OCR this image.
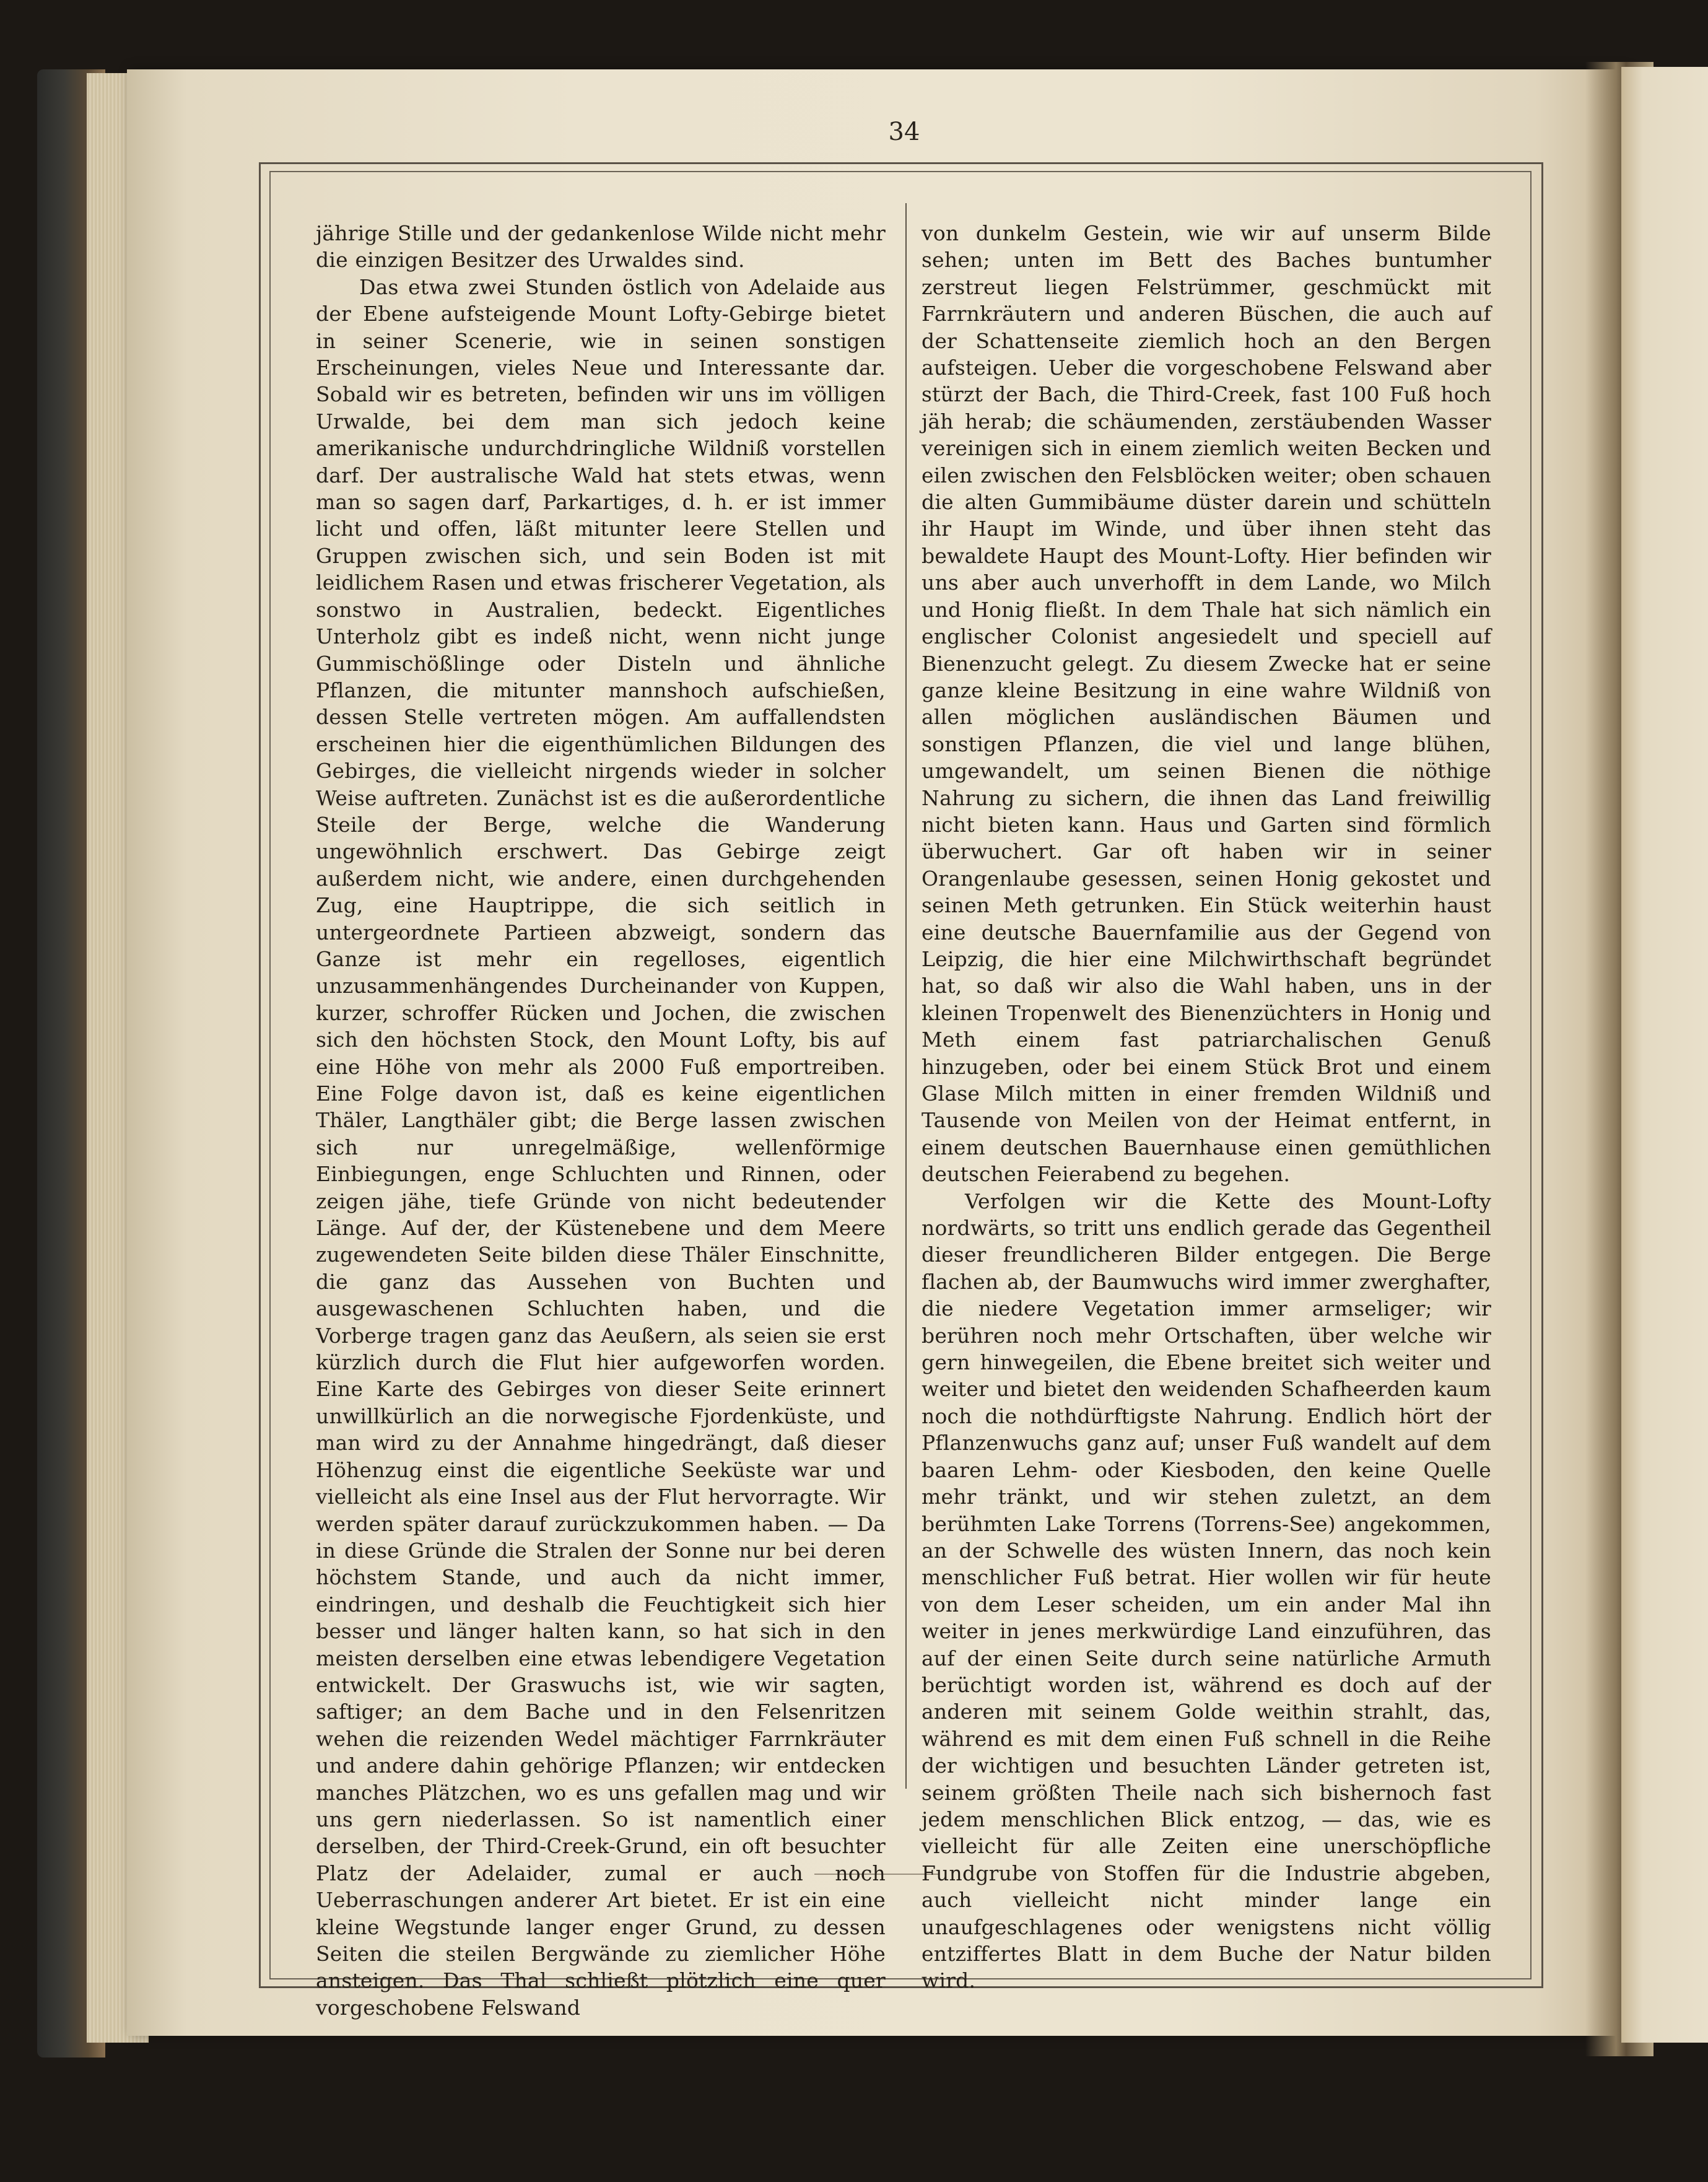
34

jährige Stille und der gedankenlose Wilde nicht mehr die einzigen Besitzer des Urwaldes sind.

Das etwa zwei Stunden östlich von Adelaide aus der Ebene aufsteigende Mount Lofty-Gebirge bietet in seiner Scenerie, wie in seinen sonstigen Erscheinungen, vieles Neue und Interessante dar. Sobald wir es betreten, befinden wir uns im völligen Urwalde, bei dem man sich jedoch keine amerikanische undurchdringliche Wildniß vorstellen darf. Der australische Wald hat stets etwas, wenn man so sagen darf, Parkartiges, d. h. er ist immer licht und offen, läßt mitunter leere Stellen und Gruppen zwischen sich, und sein Boden ist mit leidlichem Rasen und etwas frischerer Vegetation, als sonstwo in Australien, bedeckt. Eigentliches Unterholz gibt es indeß nicht, wenn nicht junge Gummischößlinge oder Disteln und ähnliche Pflanzen, die mitunter mannshoch aufschießen, dessen Stelle vertreten mögen. Am auffallendsten erscheinen hier die eigenthümlichen Bildungen des Gebirges, die vielleicht nirgends wieder in solcher Weise auftreten. Zunächst ist es die außerordentliche Steile der Berge, welche die Wanderung ungewöhnlich erschwert. Das Gebirge zeigt außerdem nicht, wie andere, einen durchgehenden Zug, eine Hauptrippe, die sich seitlich in untergeordnete Partieen abzweigt, sondern das Ganze ist mehr ein regelloses, eigentlich unzusammenhängendes Durcheinander von Kuppen, kurzer, schroffer Rücken und Jochen, die zwischen sich den höchsten Stock, den Mount Lofty, bis auf eine Höhe von mehr als 2000 Fuß emportreiben. Eine Folge davon ist, daß es keine eigentlichen Thäler, Langthäler gibt; die Berge lassen zwischen sich nur unregelmäßige, wellenförmige Einbiegungen, enge Schluchten und Rinnen, oder zeigen jähe, tiefe Gründe von nicht bedeutender Länge. Auf der, der Küstenebene und dem Meere zugewendeten Seite bilden diese Thäler Einschnitte, die ganz das Aussehen von Buchten und ausgewaschenen Schluchten haben, und die Vorberge tragen ganz das Aeußern, als seien sie erst kürzlich durch die Flut hier aufgeworfen worden. Eine Karte des Gebirges von dieser Seite erinnert unwillkürlich an die norwegische Fjordenküste, und man wird zu der Annahme hingedrängt, daß dieser Höhenzug einst die eigentliche Seeküste war und vielleicht als eine Insel aus der Flut hervorragte. Wir werden später darauf zurückzukommen haben. — Da in diese Gründe die Stralen der Sonne nur bei deren höchstem Stande, und auch da nicht immer, eindringen, und deshalb die Feuchtigkeit sich hier besser und länger halten kann, so hat sich in den meisten derselben eine etwas lebendigere Vegetation entwickelt. Der Graswuchs ist, wie wir sagten, saftiger; an dem Bache und in den Felsenritzen wehen die reizenden Wedel mächtiger Farrnkräuter und andere dahin gehörige Pflanzen; wir entdecken manches Plätzchen, wo es uns gefallen mag und wir uns gern niederlassen. So ist namentlich einer derselben, der Third-Creek-Grund, ein oft besuchter Platz der Adelaider, zumal er auch noch Ueberraschungen anderer Art bietet. Er ist ein eine kleine Wegstunde langer enger Grund, zu dessen Seiten die steilen Bergwände zu ziemlicher Höhe ansteigen. Das Thal schließt plötzlich eine quer vorgeschobene Felswand

von dunkelm Gestein, wie wir auf unserm Bilde sehen; unten im Bett des Baches buntumher zerstreut liegen Felstrümmer, geschmückt mit Farrnkräutern und anderen Büschen, die auch auf der Schattenseite ziemlich hoch an den Bergen aufsteigen. Ueber die vorgeschobene Felswand aber stürzt der Bach, die Third-Creek, fast 100 Fuß hoch jäh herab; die schäumenden, zerstäubenden Wasser vereinigen sich in einem ziemlich weiten Becken und eilen zwischen den Felsblöcken weiter; oben schauen die alten Gummibäume düster darein und schütteln ihr Haupt im Winde, und über ihnen steht das bewaldete Haupt des Mount-Lofty. Hier befinden wir uns aber auch unverhofft in dem Lande, wo Milch und Honig fließt. In dem Thale hat sich nämlich ein englischer Colonist angesiedelt und speciell auf Bienenzucht gelegt. Zu diesem Zwecke hat er seine ganze kleine Besitzung in eine wahre Wildniß von allen möglichen ausländischen Bäumen und sonstigen Pflanzen, die viel und lange blühen, umgewandelt, um seinen Bienen die nöthige Nahrung zu sichern, die ihnen das Land freiwillig nicht bieten kann. Haus und Garten sind förmlich überwuchert. Gar oft haben wir in seiner Orangenlaube gesessen, seinen Honig gekostet und seinen Meth getrunken. Ein Stück weiterhin haust eine deutsche Bauernfamilie aus der Gegend von Leipzig, die hier eine Milchwirthschaft begründet hat, so daß wir also die Wahl haben, uns in der kleinen Tropenwelt des Bienenzüchters in Honig und Meth einem fast patriarchalischen Genuß hinzugeben, oder bei einem Stück Brot und einem Glase Milch mitten in einer fremden Wildniß und Tausende von Meilen von der Heimat entfernt, in einem deutschen Bauernhause einen gemüthlichen deutschen Feierabend zu begehen.

Verfolgen wir die Kette des Mount-Lofty nordwärts, so tritt uns endlich gerade das Gegentheil dieser freundlicheren Bilder entgegen. Die Berge flachen ab, der Baumwuchs wird immer zwerghafter, die niedere Vegetation immer armseliger; wir berühren noch mehr Ortschaften, über welche wir gern hinwegeilen, die Ebene breitet sich weiter und weiter und bietet den weidenden Schafheerden kaum noch die nothdürftigste Nahrung. Endlich hört der Pflanzenwuchs ganz auf; unser Fuß wandelt auf dem baaren Lehm- oder Kiesboden, den keine Quelle mehr tränkt, und wir stehen zuletzt, an dem berühmten Lake Torrens (Torrens-See) angekommen, an der Schwelle des wüsten Innern, das noch kein menschlicher Fuß betrat. Hier wollen wir für heute von dem Leser scheiden, um ein ander Mal ihn weiter in jenes merkwürdige Land einzuführen, das auf der einen Seite durch seine natürliche Armuth berüchtigt worden ist, während es doch auf der anderen mit seinem Golde weithin strahlt, das, während es mit dem einen Fuß schnell in die Reihe der wichtigen und besuchten Länder getreten ist, seinem größten Theile nach sich bishernoch fast jedem menschlichen Blick entzog, — das, wie es vielleicht für alle Zeiten eine unerschöpfliche Fundgrube von Stoffen für die Industrie abgeben, auch vielleicht nicht minder lange ein unaufgeschlagenes oder wenigstens nicht völlig entziffertes Blatt in dem Buche der Natur bilden wird.
